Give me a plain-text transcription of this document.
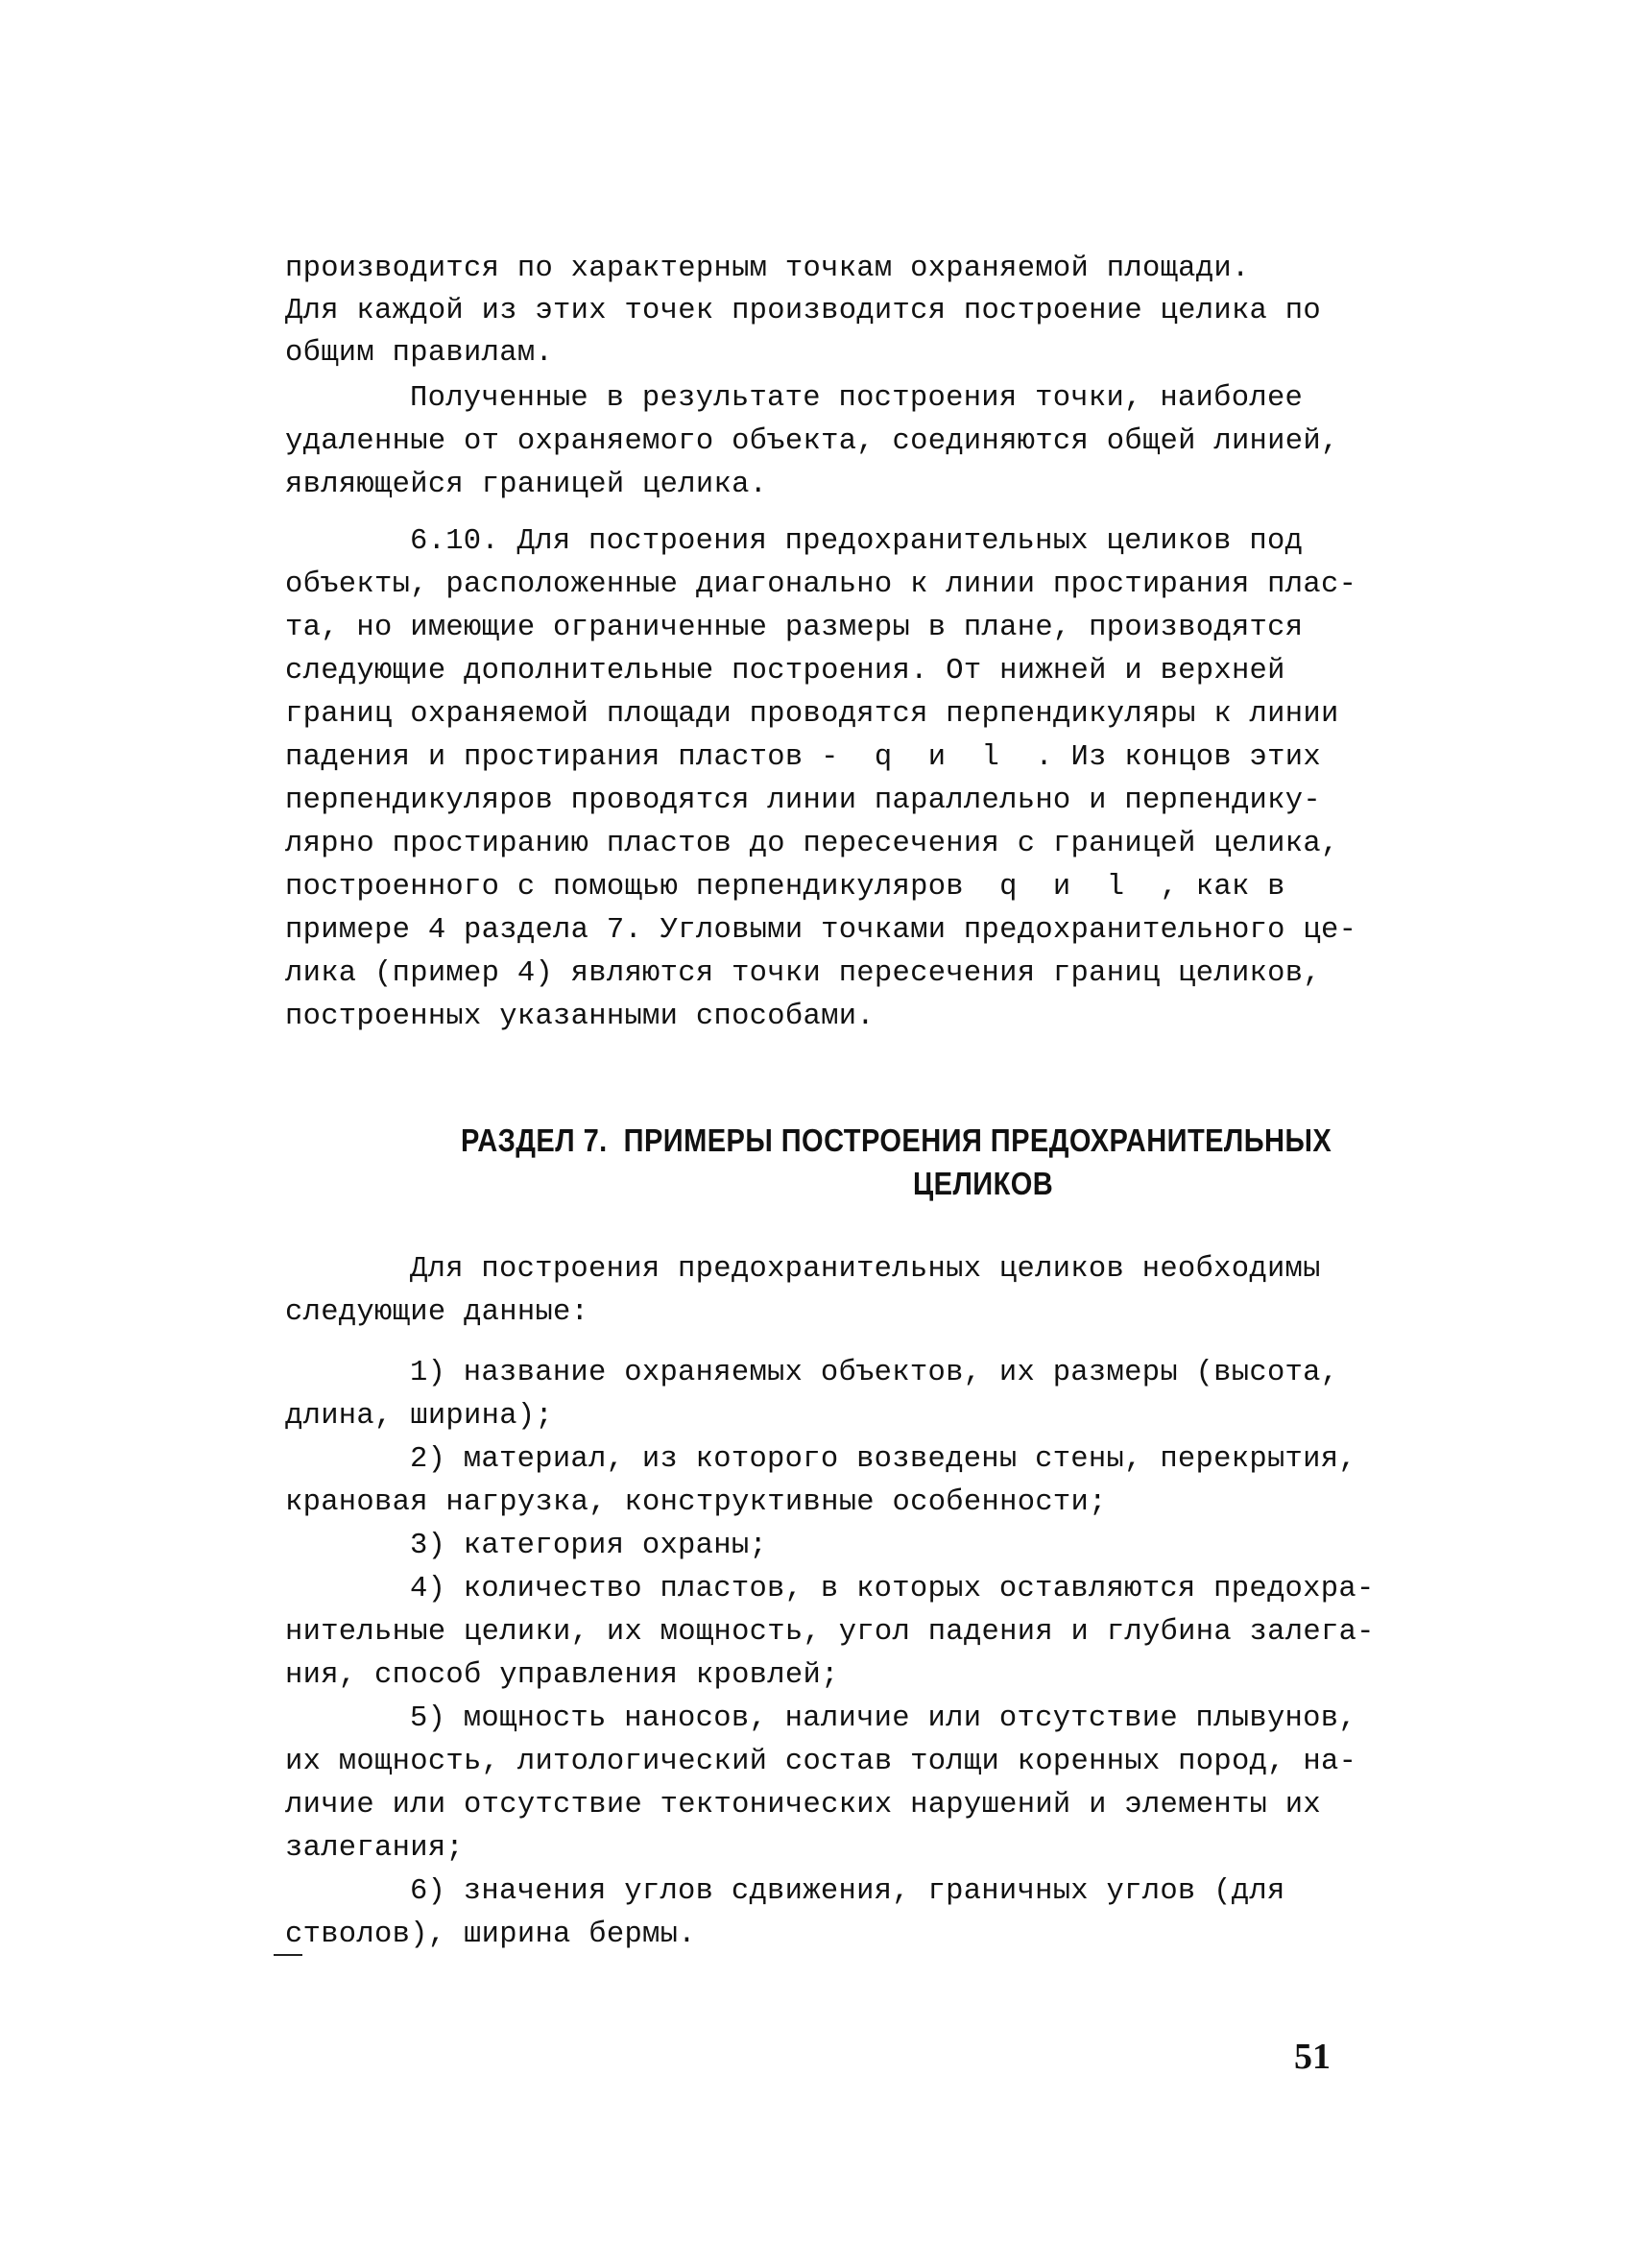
производится по характерным точкам охраняемой площади.
Для каждой из этих точек производится построение целика по
общим правилам.
Полученные в результате построения точки, наиболее
удаленные от охраняемого объекта, соединяются общей линией,
являющейся границей целика.
6.10. Для построения предохранительных целиков под
объекты, расположенные диагонально к линии простирания плас-
та, но имеющие ограниченные размеры в плане, производятся
следующие дополнительные построения. От нижней и верхней
границ охраняемой площади проводятся перпендикуляры к линии
падения и простирания пластов -  q  и  l  . Из концов этих
перпендикуляров проводятся линии параллельно и перпендику-
лярно простиранию пластов до пересечения с границей целика,
построенного с помощью перпендикуляров  q  и  l  , как в
примере 4 раздела 7. Угловыми точками предохранительного це-
лика (пример 4) являются точки пересечения границ целиков,
построенных указанными способами.
РАЗДЕЛ 7.  ПРИМЕРЫ ПОСТРОЕНИЯ ПРЕДОХРАНИТЕЛЬНЫХ
ЦЕЛИКОВ
Для построения предохранительных целиков необходимы
следующие данные:
1) название охраняемых объектов, их размеры (высота,
длина, ширина);
2) материал, из которого возведены стены, перекрытия,
крановая нагрузка, конструктивные особенности;
3) категория охраны;
4) количество пластов, в которых оставляются предохра-
нительные целики, их мощность, угол падения и глубина залега-
ния, способ управления кровлей;
5) мощность наносов, наличие или отсутствие плывунов,
их мощность, литологический состав толщи коренных пород, на-
личие или отсутствие тектонических нарушений и элементы их
залегания;
6) значения углов сдвижения, граничных углов (для
стволов), ширина бермы.
51
